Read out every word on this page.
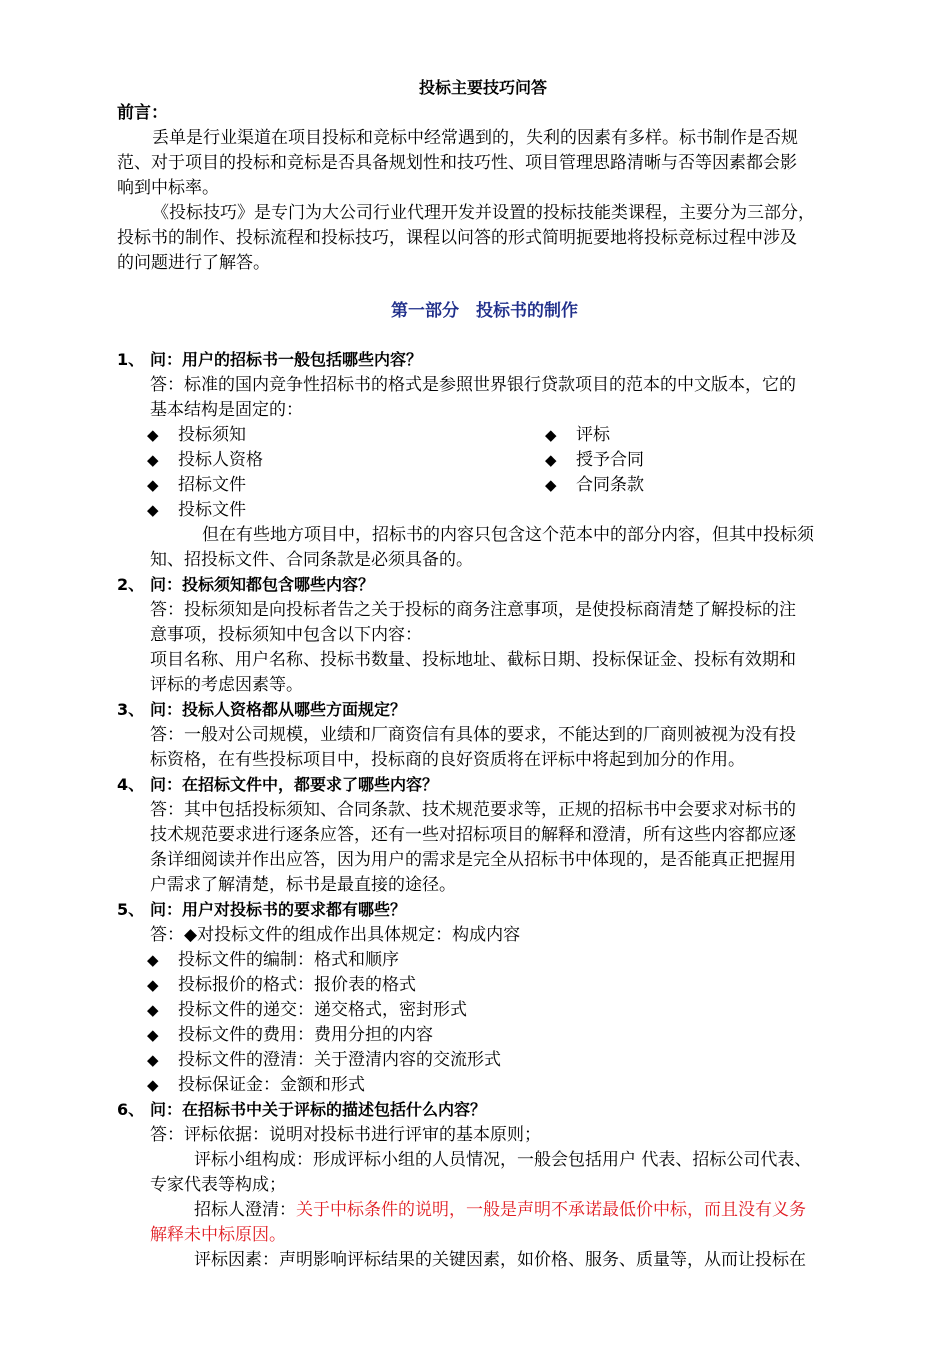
投标主要技巧问答
前言：
丢单是行业渠道在项目投标和竞标中经常遇到的，失利的因素有多样。标书制作是否规
范、对于项目的投标和竞标是否具备规划性和技巧性、项目管理思路清晰与否等因素都会影
响到中标率。
《投标技巧》是专门为大公司行业代理开发并设置的投标技能类课程，主要分为三部分，
投标书的制作、投标流程和投标技巧，课程以问答的形式简明扼要地将投标竞标过程中涉及
的问题进行了解答。
第一部分　投标书的制作
1、 问：用户的招标书一般包括哪些内容？
答：标准的国内竞争性招标书的格式是参照世界银行贷款项目的范本的中文版本，它的
基本结构是固定的：
◆ 投标须知
◆ 投标人资格
◆ 招标文件
◆ 投标文件
◆ 评标
◆ 授予合同
◆ 合同条款
但在有些地方项目中，招标书的内容只包含这个范本中的部分内容，但其中投标须
知、招投标文件、合同条款是必须具备的。
2、 问：投标须知都包含哪些内容？
答：投标须知是向投标者告之关于投标的商务注意事项，是使投标商清楚了解投标的注
意事项，投标须知中包含以下内容：
项目名称、用户名称、投标书数量、投标地址、截标日期、投标保证金、投标有效期和
评标的考虑因素等。
3、 问：投标人资格都从哪些方面规定？
答：一般对公司规模，业绩和厂商资信有具体的要求，不能达到的厂商则被视为没有投
标资格，在有些投标项目中，投标商的良好资质将在评标中将起到加分的作用。
4、 问：在招标文件中，都要求了哪些内容？
答：其中包括投标须知、合同条款、技术规范要求等，正规的招标书中会要求对标书的
技术规范要求进行逐条应答，还有一些对招标项目的解释和澄清，所有这些内容都应逐
条详细阅读并作出应答，因为用户的需求是完全从招标书中体现的，是否能真正把握用
户需求了解清楚，标书是最直接的途径。
5、 问：用户对投标书的要求都有哪些？
答：◆对投标文件的组成作出具体规定：构成内容
◆ 投标文件的编制：格式和顺序
◆ 投标报价的格式：报价表的格式
◆ 投标文件的递交：递交格式，密封形式
◆ 投标文件的费用：费用分担的内容
◆ 投标文件的澄清：关于澄清内容的交流形式
◆ 投标保证金：金额和形式
6、 问：在招标书中关于评标的描述包括什么内容？
答：评标依据：说明对投标书进行评审的基本原则；
评标小组构成：形成评标小组的人员情况，一般会包括用户 代表、招标公司代表、
专家代表等构成；
招标人澄清：关于中标条件的说明，一般是声明不承诺最低价中标，而且没有义务
解释未中标原因。
评标因素：声明影响评标结果的关键因素，如价格、服务、质量等，从而让投标在
